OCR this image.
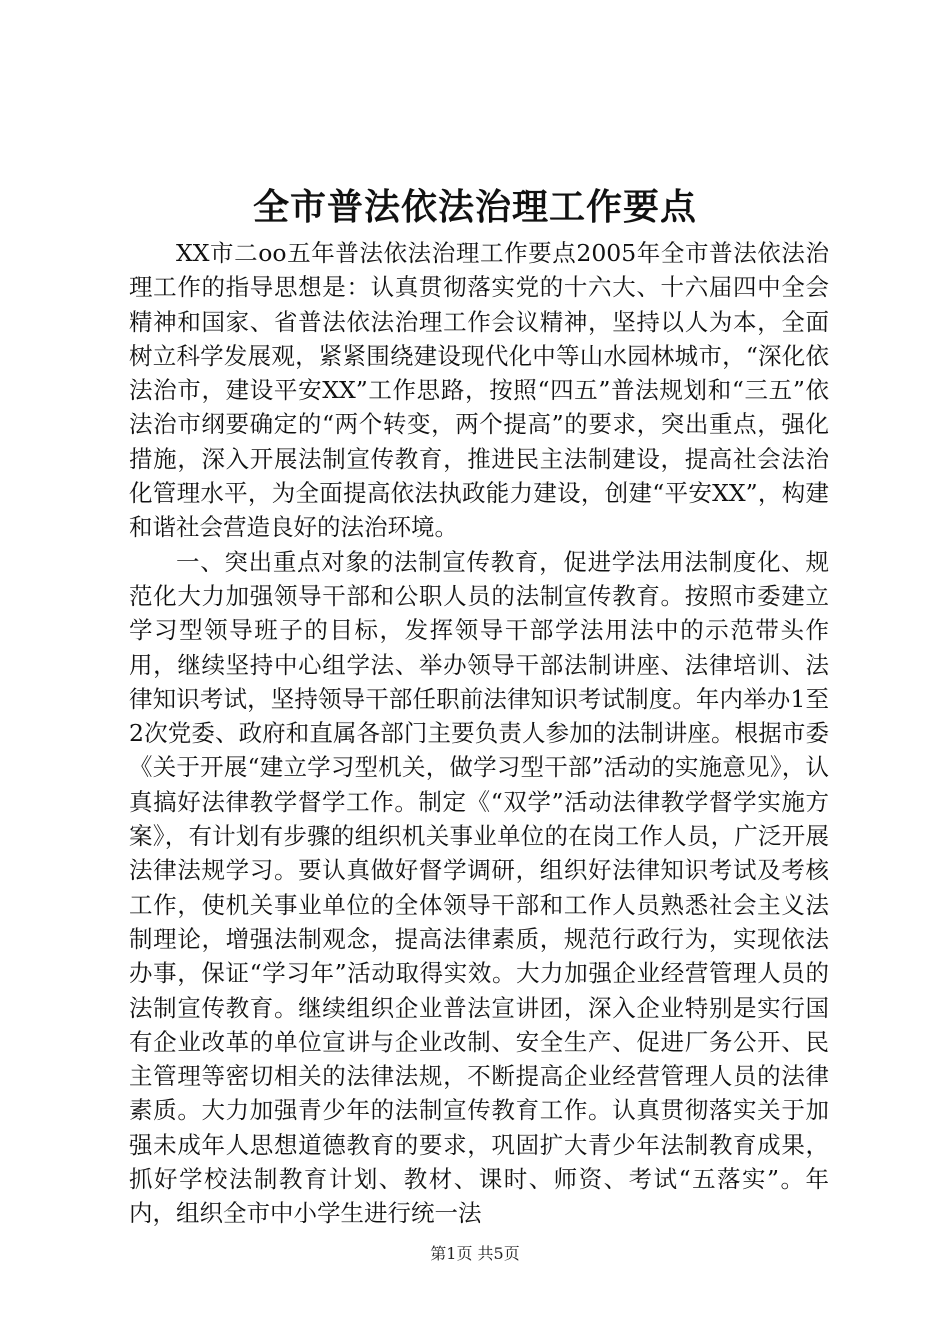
全市普法依法治理工作要点

XX市二oo五年普法依法治理工作要点2005年全市普法依法治理工作的指导思想是：认真贯彻落实党的十六大、十六届四中全会精神和国家、省普法依法治理工作会议精神，坚持以人为本，全面树立科学发展观，紧紧围绕建设现代化中等山水园林城市，“深化依法治市，建设平安XX”工作思路，按照“四五”普法规划和“三五”依法治市纲要确定的“两个转变，两个提高”的要求，突出重点，强化措施，深入开展法制宣传教育，推进民主法制建设，提高社会法治化管理水平，为全面提高依法执政能力建设，创建“平安XX”，构建和谐社会营造良好的法治环境。

一、突出重点对象的法制宣传教育，促进学法用法制度化、规范化大力加强领导干部和公职人员的法制宣传教育。按照市委建立学习型领导班子的目标，发挥领导干部学法用法中的示范带头作用，继续坚持中心组学法、举办领导干部法制讲座、法律培训、法律知识考试，坚持领导干部任职前法律知识考试制度。年内举办1至2次党委、政府和直属各部门主要负责人参加的法制讲座。根据市委《关于开展“建立学习型机关，做学习型干部”活动的实施意见》，认真搞好法律教学督学工作。制定《“双学”活动法律教学督学实施方案》，有计划有步骤的组织机关事业单位的在岗工作人员，广泛开展法律法规学习。要认真做好督学调研，组织好法律知识考试及考核工作，使机关事业单位的全体领导干部和工作人员熟悉社会主义法制理论，增强法制观念，提高法律素质，规范行政行为，实现依法办事，保证“学习年”活动取得实效。大力加强企业经营管理人员的法制宣传教育。继续组织企业普法宣讲团，深入企业特别是实行国有企业改革的单位宣讲与企业改制、安全生产、促进厂务公开、民主管理等密切相关的法律法规，不断提高企业经营管理人员的法律素质。大力加强青少年的法制宣传教育工作。认真贯彻落实关于加强未成年人思想道德教育的要求，巩固扩大青少年法制教育成果，抓好学校法制教育计划、教材、课时、师资、考试“五落实”。年内，组织全市中小学生进行统一法

第1页 共5页
